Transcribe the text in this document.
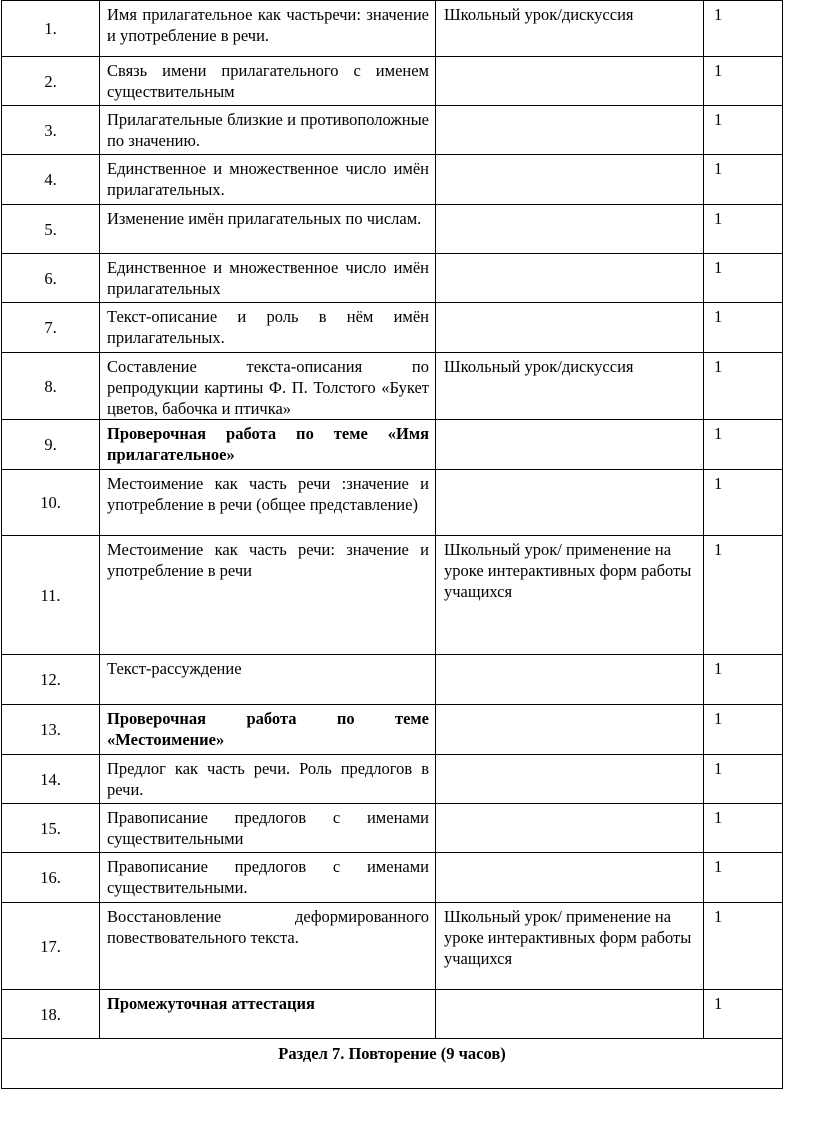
1.	Имя прилагательное как частьречи: значение и употребление в речи.	Школьный урок/дискуссия	1
2.	Связь имени прилагательного с именем существительным		1
3.	Прилагательные близкие и противоположные по значению.		1
4.	Единственное и множественное число имён прилагательных.		1
5.	Изменение имён прилагательных по числам.		1
6.	Единственное и множественное число имён прилагательных		1
7.	Текст-описание и роль в нём имён прилагательных.		1
8.	Составление текста-описания по репродукции картины Ф. П. Толстого «Букет цветов, бабочка и птичка»	Школьный урок/дискуссия	1
9.	Проверочная работа по теме «Имя прилагательное»		1
10.	Местоимение как часть речи :значение и употребление в речи (общее представление)		1
11.	Местоимение как часть речи: значение и употребление в речи	Школьный урок/ применение на уроке интерактивных форм работы учащихся	1
12.	Текст-рассуждение		1
13.	Проверочная работа по теме «Местоимение»		1
14.	Предлог как часть речи. Роль предлогов в речи.		1
15.	Правописание предлогов с именами существительными		1
16.	Правописание предлогов с именами существительными.		1
17.	Восстановление деформированного повествовательного текста.	Школьный урок/ применение на уроке интерактивных форм работы учащихся	1
18.	Промежуточная аттестация		1
Раздел 7. Повторение (9 часов)			
